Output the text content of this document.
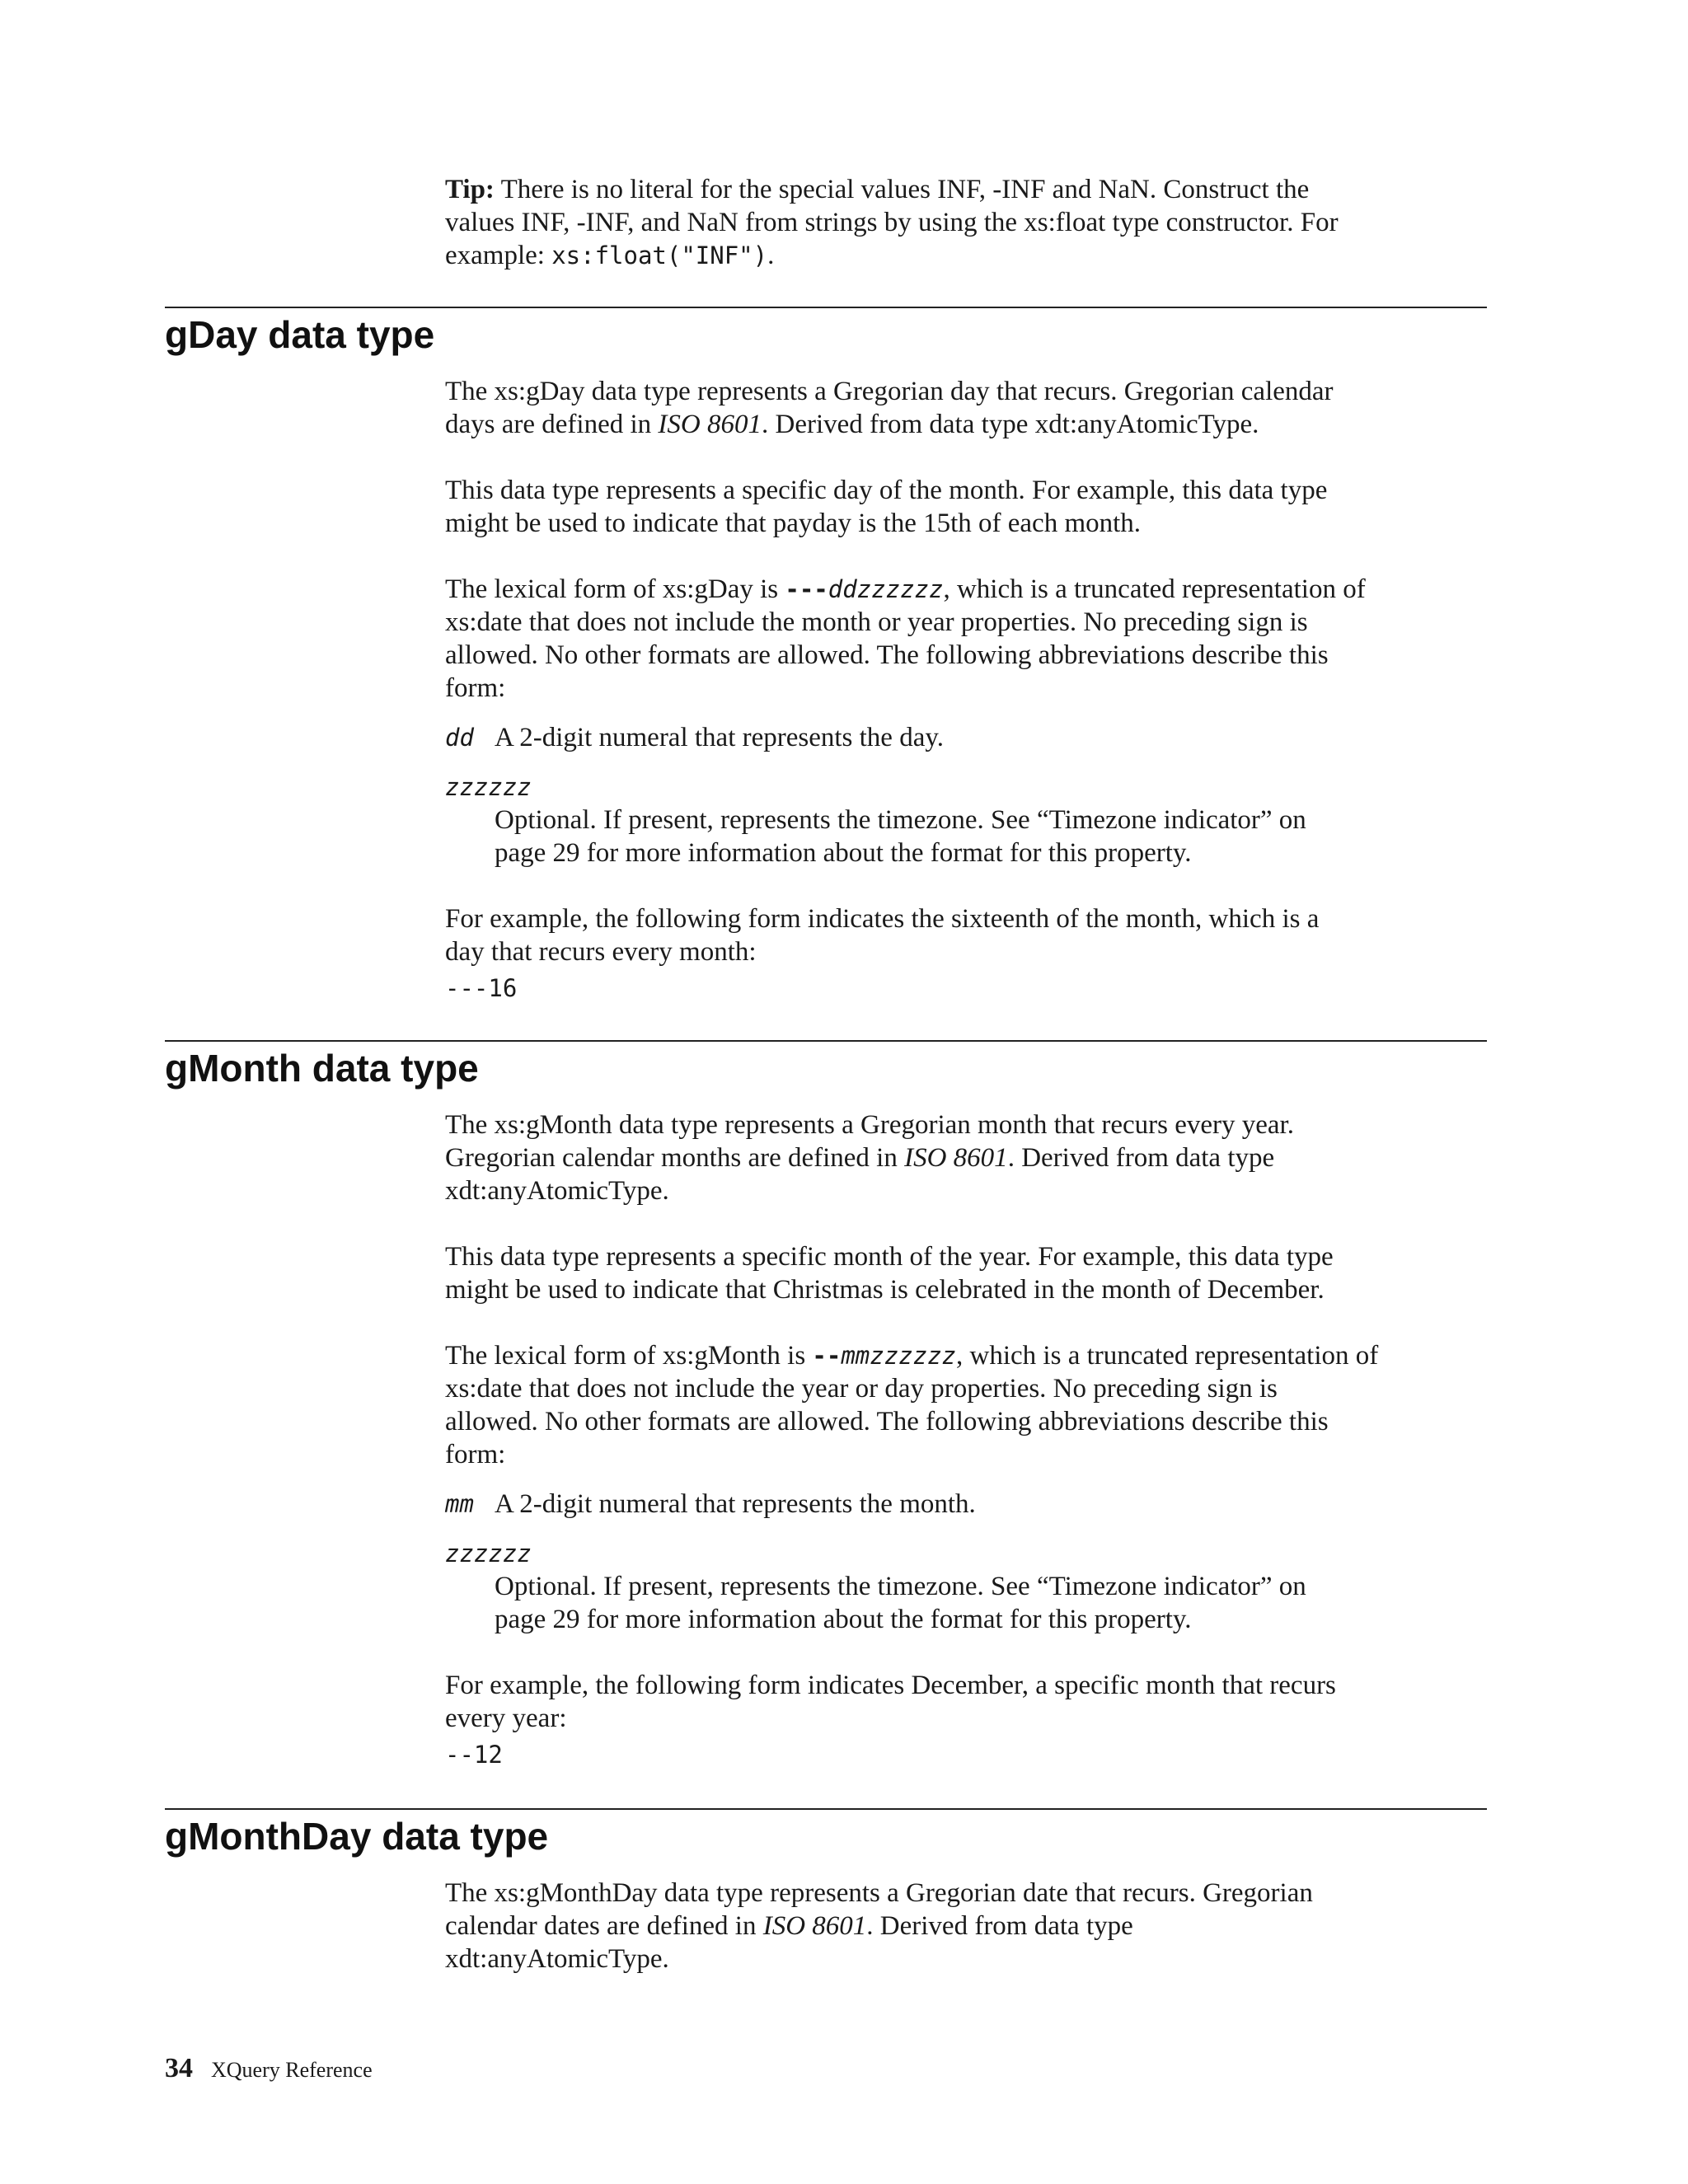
Tip: There is no literal for the special values INF, -INF and NaN. Construct the
values INF, -INF, and NaN from strings by using the xs:float type constructor. For
example: xs:float("INF").
gDay data type

The xs:gDay data type represents a Gregorian day that recurs. Gregorian calendar
days are defined in ISO 8601. Derived from data type xdt:anyAtomicType.

This data type represents a specific day of the month. For example, this data type
might be used to indicate that payday is the 15th of each month.

The lexical form of xs:gDay is ---ddzzzzzz, which is a truncated representation of
xs:date that does not include the month or year properties. No preceding sign is
allowed. No other formats are allowed. The following abbreviations describe this
form:

dd A 2-digit numeral that represents the day.
zzzzzz
Optional. If present, represents the timezone. See “Timezone indicator” on
page 29 for more information about the format for this property.

For example, the following form indicates the sixteenth of the month, which is a
day that recurs every month:

---16
gMonth data type

The xs:gMonth data type represents a Gregorian month that recurs every year.
Gregorian calendar months are defined in ISO 8601. Derived from data type
xdt:anyAtomicType.

This data type represents a specific month of the year. For example, this data type
might be used to indicate that Christmas is celebrated in the month of December.

The lexical form of xs:gMonth is --mmzzzzzz, which is a truncated representation of
xs:date that does not include the year or day properties. No preceding sign is
allowed. No other formats are allowed. The following abbreviations describe this
form:

mm A 2-digit numeral that represents the month.
zzzzzz
Optional. If present, represents the timezone. See “Timezone indicator” on
page 29 for more information about the format for this property.

For example, the following form indicates December, a specific month that recurs
every year:

--12
gMonthDay data type

The xs:gMonthDay data type represents a Gregorian date that recurs. Gregorian
calendar dates are defined in ISO 8601. Derived from data type
xdt:anyAtomicType.

34 XQuery Reference
